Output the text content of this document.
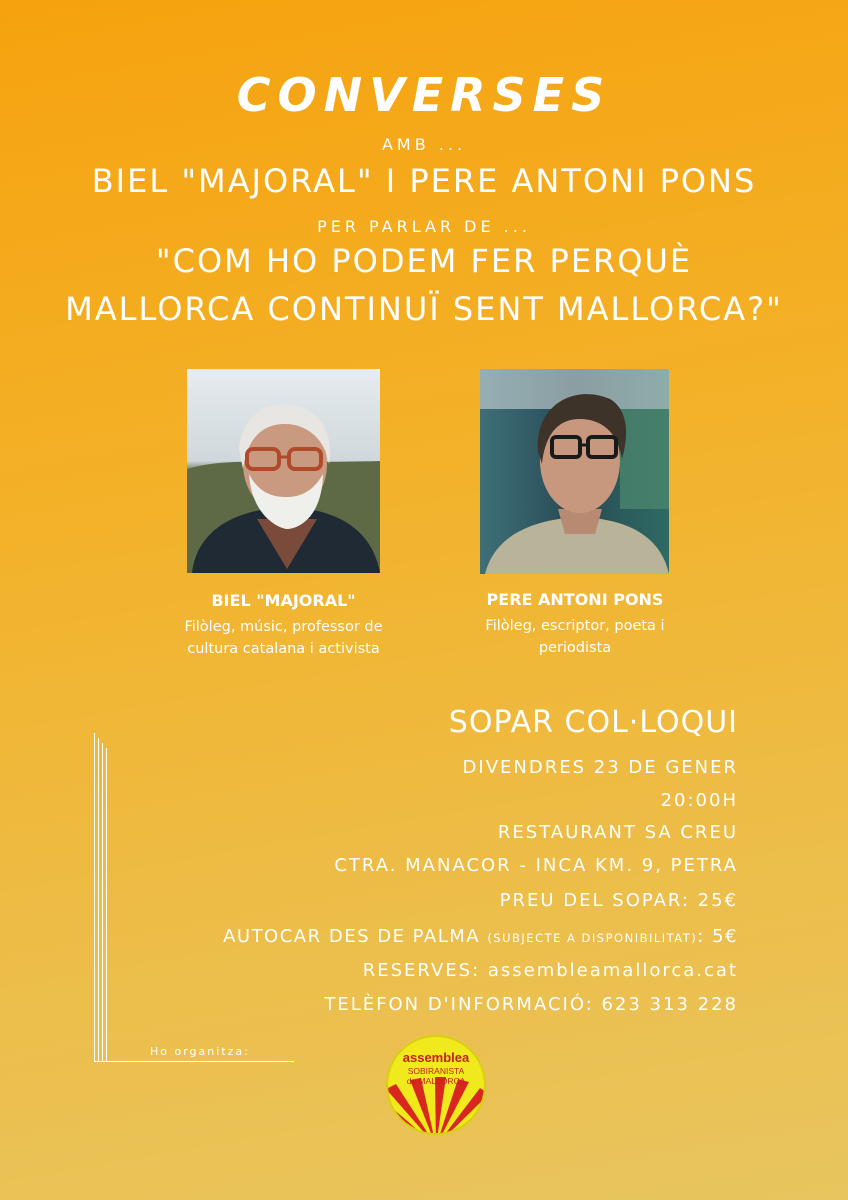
CONVERSES
AMB ...
BIEL "MAJORAL" I PERE ANTONI PONS
PER PARLAR DE ...
"COM HO PODEM FER PERQUÈ
MALLORCA CONTINUÏ SENT MALLORCA?"
BIEL "MAJORAL"
Filòleg, músic, professor de
cultura catalana i activista
PERE ANTONI PONS
Filòleg, escriptor, poeta i
periodista
SOPAR COL·LOQUI
DIVENDRES 23 DE GENER
20:00H
RESTAURANT SA CREU
CTRA. MANACOR - INCA KM. 9, PETRA
PREU DEL SOPAR: 25€
AUTOCAR DES DE PALMA (SUBJECTE A DISPONIBILITAT): 5€
RESERVES: assembleamallorca.cat
TELÈFON D'INFORMACIÓ: 623 313 228
Ho organitza:	assemblea
SOBIRANISTA
de MALLORCA
